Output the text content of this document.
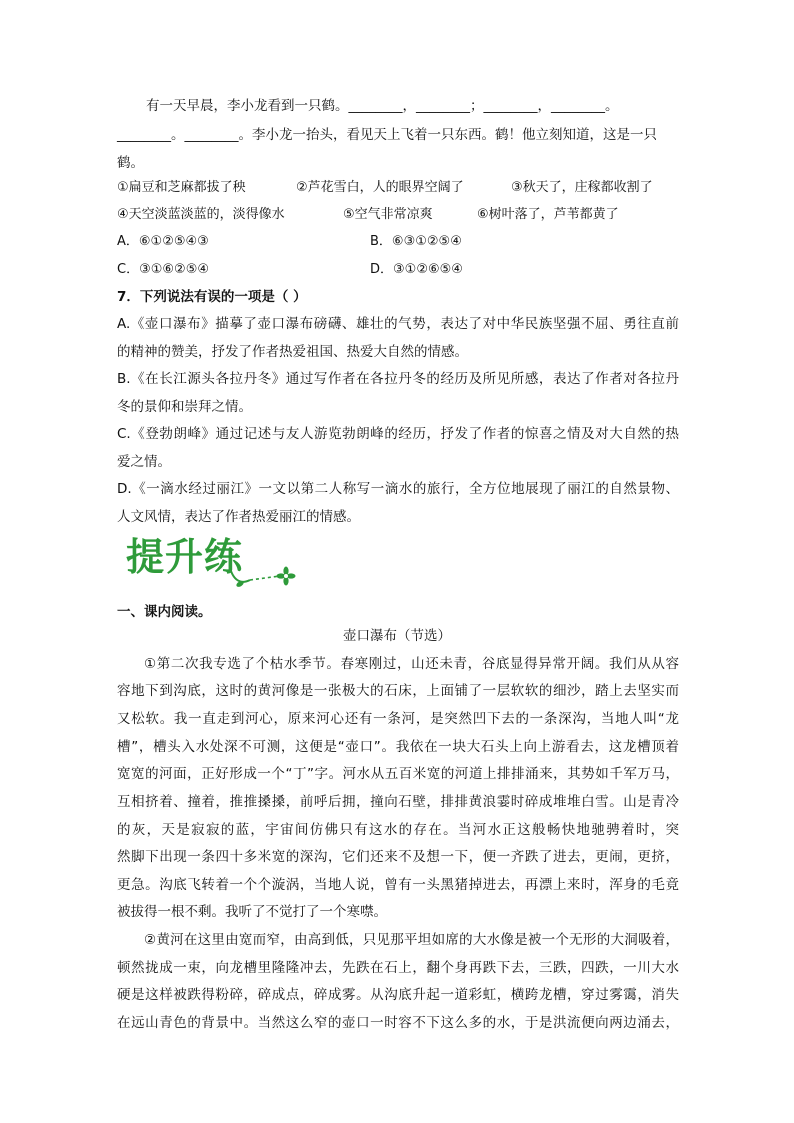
有一天早晨，李小龙看到一只鹤。________，________；________，________。
________。________。李小龙一抬头，看见天上飞着一只东西。鹤！他立刻知道，这是一只
鹤。
①扁豆和芝麻都拔了秧	②芦花雪白，人的眼界空阔了	③秋天了，庄稼都收割了
④天空淡蓝淡蓝的，淡得像水	⑤空气非常凉爽	⑥树叶落了，芦苇都黄了
A．⑥①②⑤④③	B．⑥③①②⑤④
C．③①⑥②⑤④	D．③①②⑥⑤④
7．下列说法有误的一项是（ ）
A.《壶口瀑布》描摹了壶口瀑布磅礴、雄壮的气势，表达了对中华民族坚强不屈、勇往直前
的精神的赞美，抒发了作者热爱祖国、热爱大自然的情感。
B.《在长江源头各拉丹冬》通过写作者在各拉丹冬的经历及所见所感，表达了作者对各拉丹
冬的景仰和崇拜之情。
C.《登勃朗峰》通过记述与友人游览勃朗峰的经历，抒发了作者的惊喜之情及对大自然的热
爱之情。
D.《一滴水经过丽江》一文以第二人称写一滴水的旅行，全方位地展现了丽江的自然景物、
人文风情，表达了作者热爱丽江的情感。
提升练
一、课内阅读。
壶口瀑布（节选）
①第二次我专选了个枯水季节。春寒刚过，山还未青，谷底显得异常开阔。我们从从容
容地下到沟底，这时的黄河像是一张极大的石床，上面铺了一层软软的细沙，踏上去坚实而
又松软。我一直走到河心，原来河心还有一条河，是突然凹下去的一条深沟，当地人叫“龙
槽”，槽头入水处深不可测，这便是“壶口”。我依在一块大石头上向上游看去，这龙槽顶着
宽宽的河面，正好形成一个“丁”字。河水从五百米宽的河道上排排涌来，其势如千军万马，
互相挤着、撞着，推推搡搡，前呼后拥，撞向石壁，排排黄浪霎时碎成堆堆白雪。山是青冷
的灰，天是寂寂的蓝，宇宙间仿佛只有这水的存在。当河水正这般畅快地驰骋着时，突
然脚下出现一条四十多米宽的深沟，它们还来不及想一下，便一齐跌了进去，更闹，更挤，
更急。沟底飞转着一个个漩涡，当地人说，曾有一头黑猪掉进去，再漂上来时，浑身的毛竟
被拔得一根不剩。我听了不觉打了一个寒噤。
②黄河在这里由宽而窄，由高到低，只见那平坦如席的大水像是被一个无形的大洞吸着，
顿然拢成一束，向龙槽里隆隆冲去，先跌在石上，翻个身再跌下去，三跌，四跌，一川大水
硬是这样被跌得粉碎，碎成点，碎成雾。从沟底升起一道彩虹，横跨龙槽，穿过雾霭，消失
在远山青色的背景中。当然这么窄的壶口一时容不下这么多的水，于是洪流便向两边涌去，
